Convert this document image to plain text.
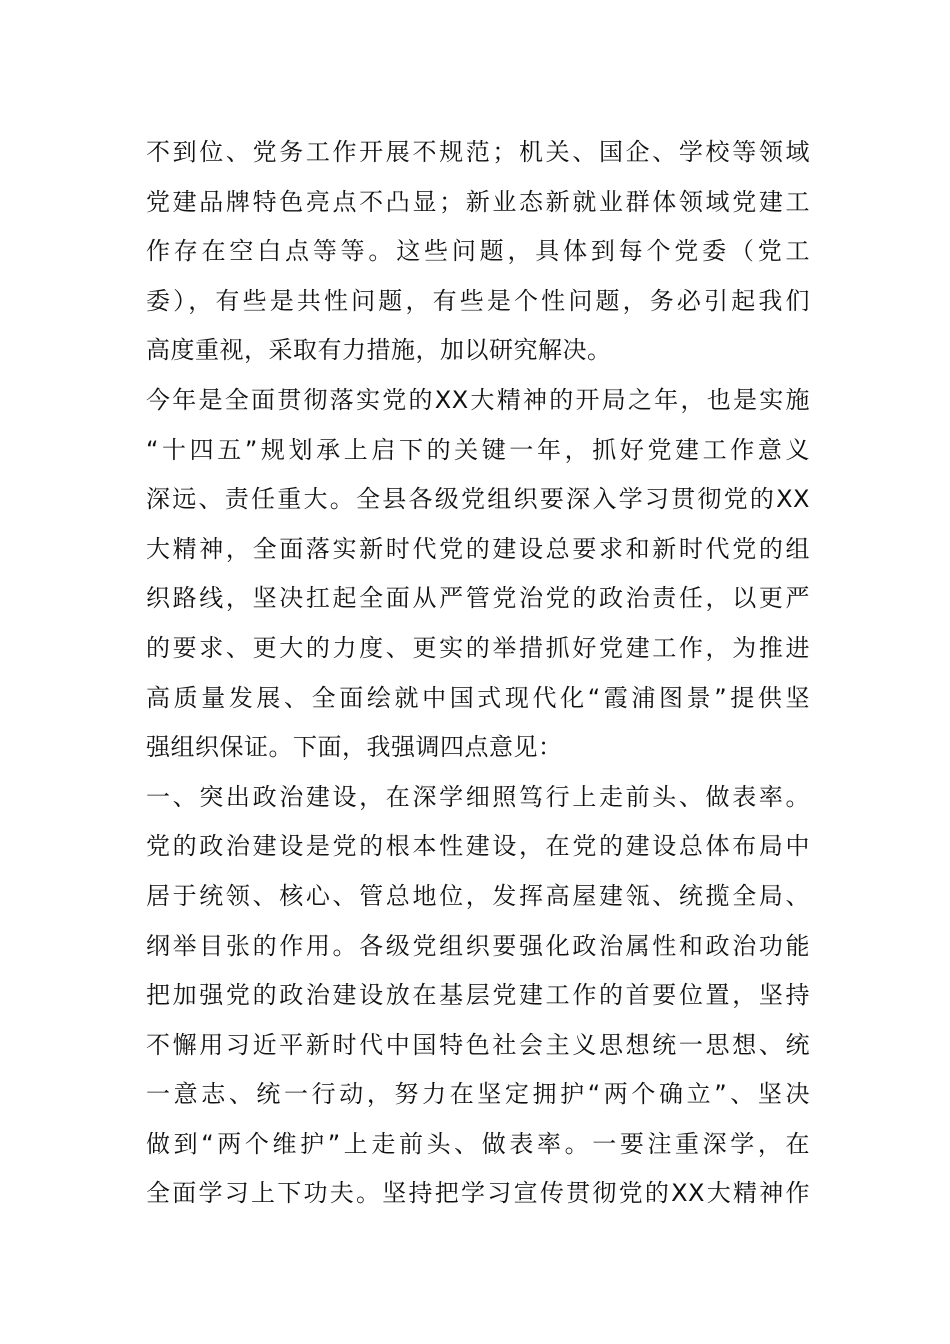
不到位、党务工作开展不规范；机关、国企、学校等领域
党建品牌特色亮点不凸显；新业态新就业群体领域党建工
作存在空白点等等。这些问题，具体到每个党委（党工
委），有些是共性问题，有些是个性问题，务必引起我们
高度重视，采取有力措施，加以研究解决。
今年是全面贯彻落实党的XX大精神的开局之年，也是实施
“十四五”规划承上启下的关键一年，抓好党建工作意义
深远、责任重大。全县各级党组织要深入学习贯彻党的XX
大精神，全面落实新时代党的建设总要求和新时代党的组
织路线，坚决扛起全面从严管党治党的政治责任，以更严
的要求、更大的力度、更实的举措抓好党建工作，为推进
高质量发展、全面绘就中国式现代化“霞浦图景”提供坚
强组织保证。下面，我强调四点意见：
一、突出政治建设，在深学细照笃行上走前头、做表率。
党的政治建设是党的根本性建设，在党的建设总体布局中
居于统领、核心、管总地位，发挥高屋建瓴、统揽全局、
纲举目张的作用。各级党组织要强化政治属性和政治功能
把加强党的政治建设放在基层党建工作的首要位置，坚持
不懈用习近平新时代中国特色社会主义思想统一思想、统
一意志、统一行动，努力在坚定拥护“两个确立”、坚决
做到“两个维护”上走前头、做表率。一要注重深学，在
全面学习上下功夫。坚持把学习宣传贯彻党的XX大精神作
